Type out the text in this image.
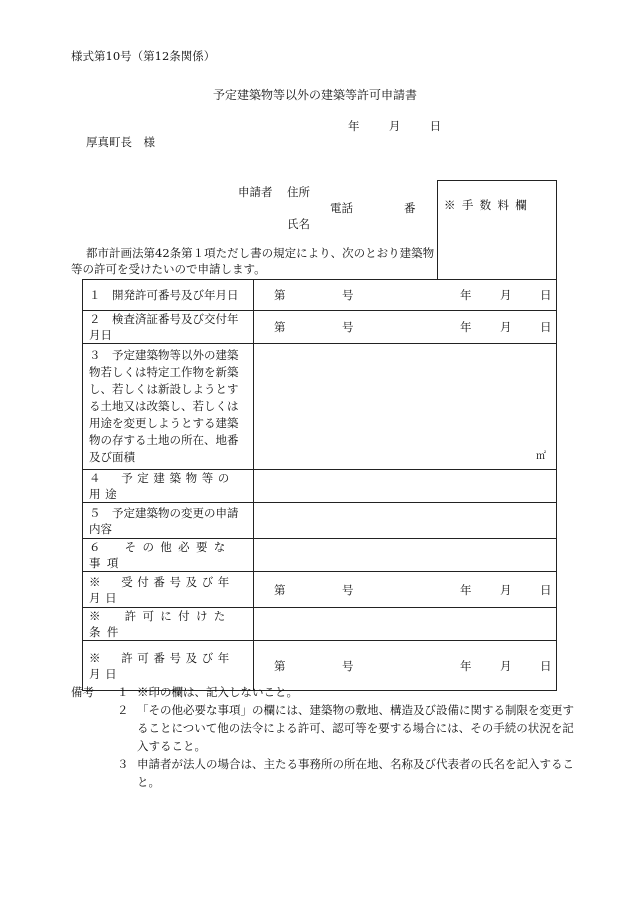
様式第10号（第12条関係）
予定建築物等以外の建築等許可申請書
年	月	日
厚真町長　様
申請者 住所
電話	番
氏名
※手数料欄
都市計画法第42条第１項ただし書の規定により、次のとおり建築物等の許可を受けたいので申請します。
１　開発許可番号及び年月日	第 号 年 月 日

２　検査済証番号及び交付年月日	第 号 年 月 日

３　予定建築物等以外の建築物若しくは特定工作物を新築し、若しくは新設しようとする土地又は改築し、若しくは用途を変更しようとする建築物の存する土地の所在、地番及び面積	㎡

４　予定建築物等の用途	
５　予定建築物の変更の申請内容	
６　その他必要な事項	
※　受付番号及び年月日	第 号 年 月 日

※　許可に付けた条件	
※　許可番号及び年月日	第 号 年 月 日
備考 １ ※印の欄は、記入しないこと。
２ 「その他必要な事項」の欄には、建築物の敷地、構造及び設備に関する制限を変更することについて他の法令による許可、認可等を要する場合には、その手続の状況を記入すること。
３ 申請者が法人の場合は、主たる事務所の所在地、名称及び代表者の氏名を記入すること。
